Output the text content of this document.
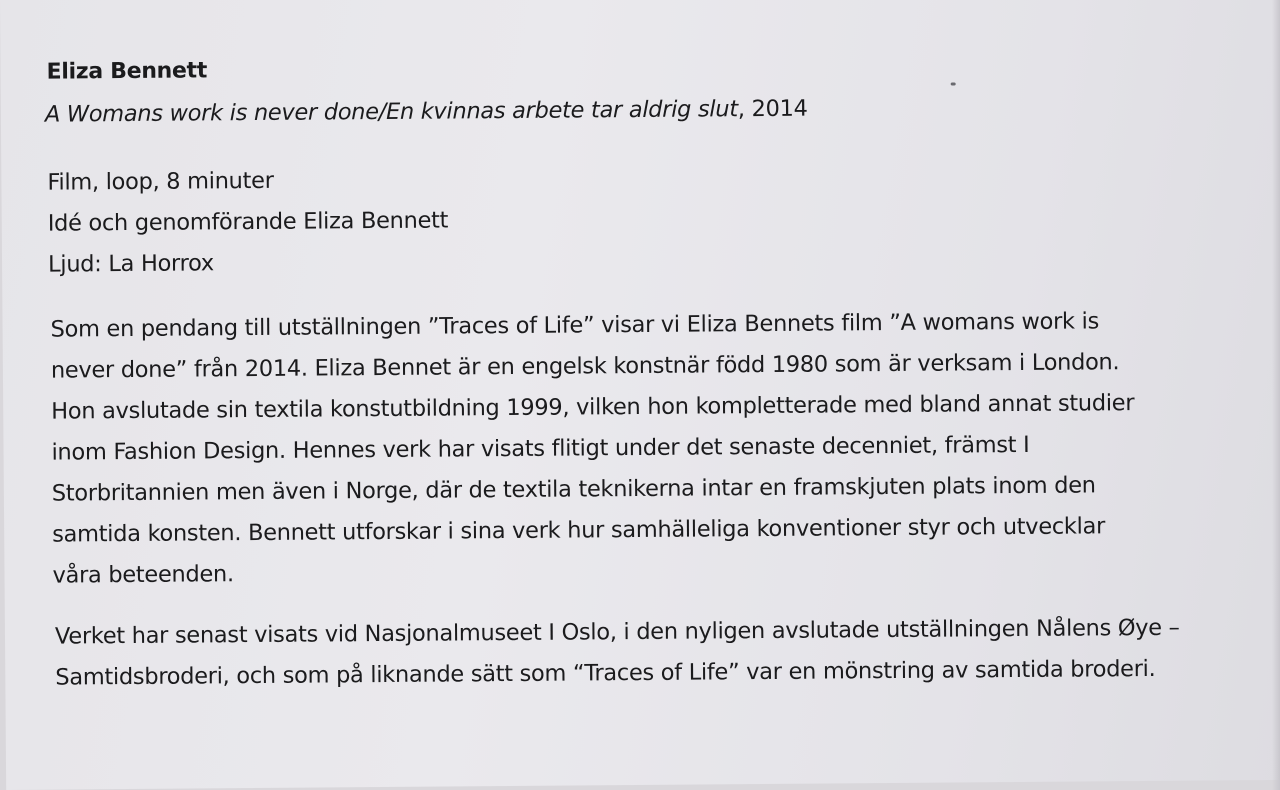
Eliza Bennett
A Womans work is never done/En kvinnas arbete tar aldrig slut, 2014
Film, loop, 8 minuter
Idé och genomförande Eliza Bennett
Ljud: La Horrox
Som en pendang till utställningen ”Traces of Life” visar vi Eliza Bennets film ”A womans work is
never done” från 2014. Eliza Bennet är en engelsk konstnär född 1980 som är verksam i London.
Hon avslutade sin textila konstutbildning 1999, vilken hon kompletterade med bland annat studier
inom Fashion Design. Hennes verk har visats flitigt under det senaste decenniet, främst I
Storbritannien men även i Norge, där de textila teknikerna intar en framskjuten plats inom den
samtida konsten. Bennett utforskar i sina verk hur samhälleliga konventioner styr och utvecklar
våra beteenden.
Verket har senast visats vid Nasjonalmuseet I Oslo, i den nyligen avslutade utställningen Nålens Øye –
Samtidsbroderi, och som på liknande sätt som “Traces of Life” var en mönstring av samtida broderi.
